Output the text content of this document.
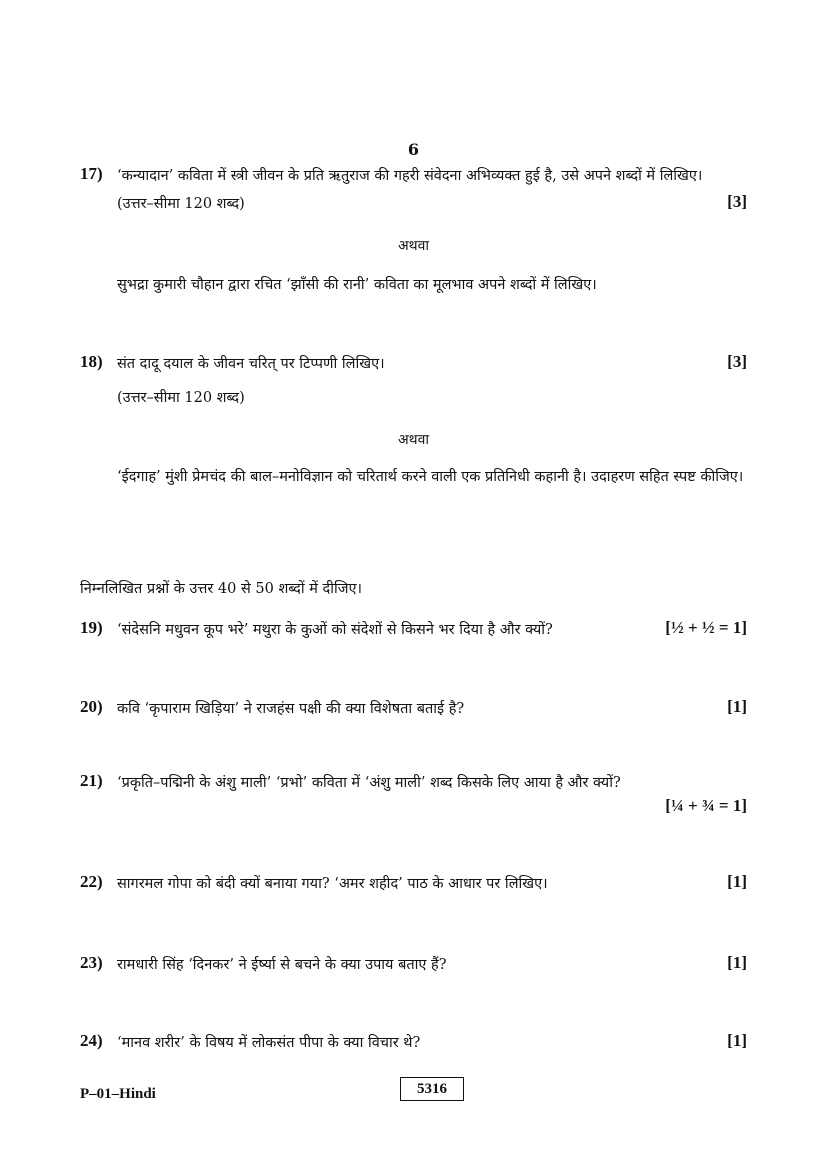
6
17) ‘कन्यादान’ कविता में स्त्री जीवन के प्रति ऋतुराज की गहरी संवेदना अभिव्यक्त हुई है, उसे अपने शब्दों में लिखिए।
(उत्तर–सीमा 120 शब्द)	[3]
अथवा
सुभद्रा कुमारी चौहान द्वारा रचित ‘झाँसी की रानी’ कविता का मूलभाव अपने शब्दों में लिखिए।
18) संत दादू दयाल के जीवन चरित् पर टिप्पणी लिखिए।	[3]
(उत्तर–सीमा 120 शब्द)
अथवा
‘ईदगाह’ मुंशी प्रेमचंद की बाल–मनोविज्ञान को चरितार्थ करने वाली एक प्रतिनिधी कहानी है। उदाहरण सहित स्पष्ट कीजिए।
निम्नलिखित प्रश्नों के उत्तर 40 से 50 शब्दों में दीजिए।
19) ‘संदेसनि मधुवन कूप भरे’ मथुरा के कुओं को संदेशों से किसने भर दिया है और क्यों?	[½ + ½ = 1]
20) कवि ‘कृपाराम खिड़िया’ ने राजहंस पक्षी की क्या विशेषता बताई है?	[1]
21) ‘प्रकृति–पद्मिनी के अंशु माली’ ‘प्रभो’ कविता में ‘अंशु माली’ शब्द किसके लिए आया है और क्यों?
[¼ + ¾ = 1]
22) सागरमल गोपा को बंदी क्यों बनाया गया? ‘अमर शहीद’ पाठ के आधार पर लिखिए।	[1]
23) रामधारी सिंह ‘दिनकर’ ने ईर्ष्या से बचने के क्या उपाय बताए हैं?	[1]
24) ‘मानव शरीर’ के विषय में लोकसंत पीपा के क्या विचार थे?	[1]
P–01–Hindi	5316
